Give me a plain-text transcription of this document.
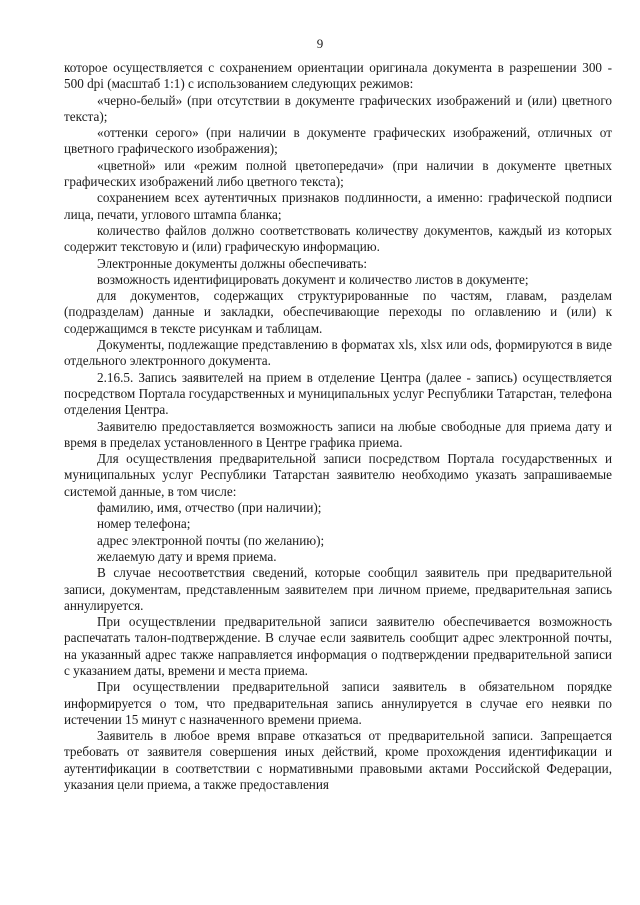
9

которое осуществляется с сохранением ориентации оригинала документа в разрешении 300 - 500 dpi (масштаб 1:1) с использованием следующих режимов:

«черно-белый» (при отсутствии в документе графических изображений и (или) цветного текста);

«оттенки серого» (при наличии в документе графических изображений, отличных от цветного графического изображения);

«цветной» или «режим полной цветопередачи» (при наличии в документе цветных графических изображений либо цветного текста);

сохранением всех аутентичных признаков подлинности, а именно: графической подписи лица, печати, углового штампа бланка;

количество файлов должно соответствовать количеству документов, каждый из которых содержит текстовую и (или) графическую информацию.

Электронные документы должны обеспечивать:

возможность идентифицировать документ и количество листов в документе;

для документов, содержащих структурированные по частям, главам, разделам (подразделам) данные и закладки, обеспечивающие переходы по оглавлению и (или) к содержащимся в тексте рисункам и таблицам.

Документы, подлежащие представлению в форматах xls, xlsx или ods, формируются в виде отдельного электронного документа.

2.16.5. Запись заявителей на прием в отделение Центра (далее - запись) осуществляется посредством Портала государственных и муниципальных услуг Республики Татарстан, телефона отделения Центра.

Заявителю предоставляется возможность записи на любые свободные для приема дату и время в пределах установленного в Центре графика приема.

Для осуществления предварительной записи посредством Портала государственных и муниципальных услуг Республики Татарстан заявителю необходимо указать запрашиваемые системой данные, в том числе:

фамилию, имя, отчество (при наличии);

номер телефона;

адрес электронной почты (по желанию);

желаемую дату и время приема.

В случае несоответствия сведений, которые сообщил заявитель при предварительной записи, документам, представленным заявителем при личном приеме, предварительная запись аннулируется.

При осуществлении предварительной записи заявителю обеспечивается возможность распечатать талон-подтверждение. В случае если заявитель сообщит адрес электронной почты, на указанный адрес также направляется информация о подтверждении предварительной записи с указанием даты, времени и места приема.

При осуществлении предварительной записи заявитель в обязательном порядке информируется о том, что предварительная запись аннулируется в случае его неявки по истечении 15 минут с назначенного времени приема.

Заявитель в любое время вправе отказаться от предварительной записи. Запрещается требовать от заявителя совершения иных действий, кроме прохождения идентификации и аутентификации в соответствии с нормативными правовыми актами Российской Федерации, указания цели приема, а также предоставления
